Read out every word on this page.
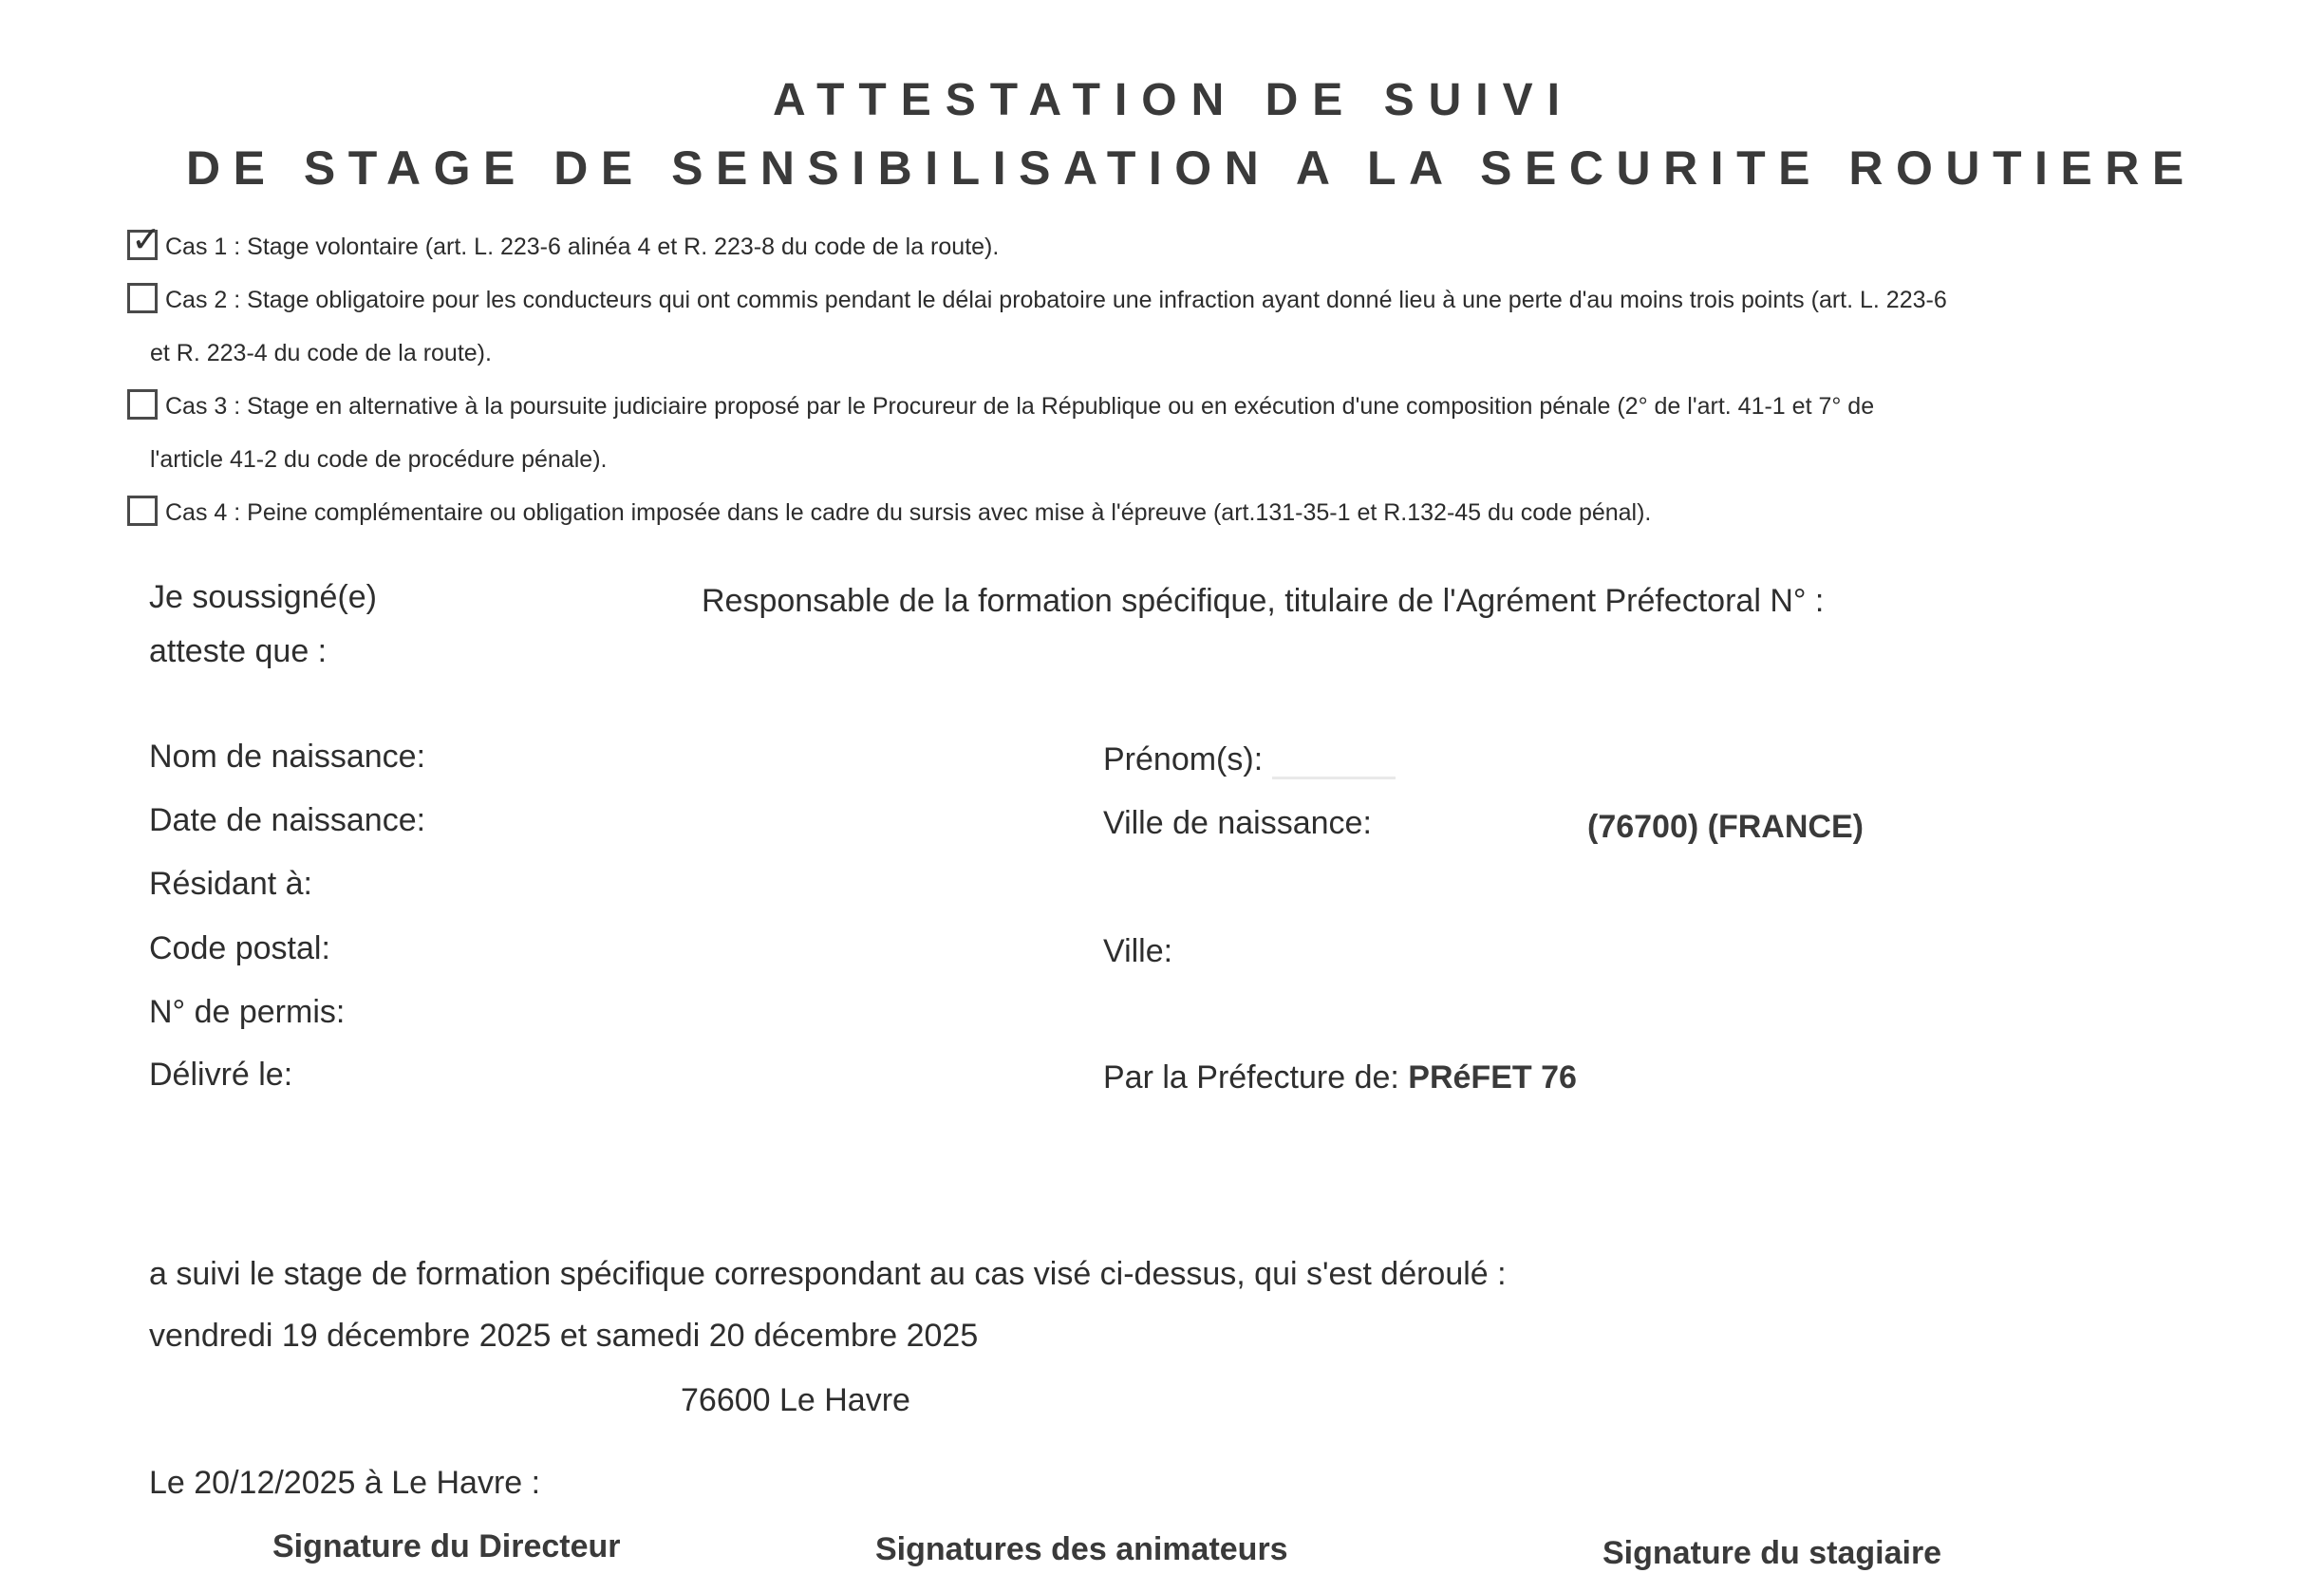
ATTESTATION DE SUIVI
DE STAGE DE SENSIBILISATION A LA SECURITE ROUTIERE
✓ Cas 1 : Stage volontaire (art. L. 223-6 alinéa 4 et R. 223-8 du code de la route).
Cas 2 : Stage obligatoire pour les conducteurs qui ont commis pendant le délai probatoire une infraction ayant donné lieu à une perte d'au moins trois points (art. L. 223-6
et R. 223-4 du code de la route).
Cas 3 : Stage en alternative à la poursuite judiciaire proposé par le Procureur de la République ou en exécution d'une composition pénale (2° de l'art. 41-1 et 7° de
l'article 41-2 du code de procédure pénale).
Cas 4 : Peine complémentaire ou obligation imposée dans le cadre du sursis avec mise à l'épreuve (art.131-35-1 et R.132-45 du code pénal).
Je soussigné(e)	Responsable de la formation spécifique, titulaire de l'Agrément Préfectoral N° :
atteste que :
Nom de naissance:	Prénom(s):
Date de naissance:	Ville de naissance:	(76700) (FRANCE)
Résidant à:
Code postal:	Ville:
N° de permis:
Délivré le:	Par la Préfecture de: PRéFET 76
a suivi le stage de formation spécifique correspondant au cas visé ci-dessus, qui s'est déroulé :
vendredi 19 décembre 2025 et samedi 20 décembre 2025
76600 Le Havre
Le 20/12/2025 à Le Havre :
Signature du Directeur	Signatures des animateurs	Signature du stagiaire
